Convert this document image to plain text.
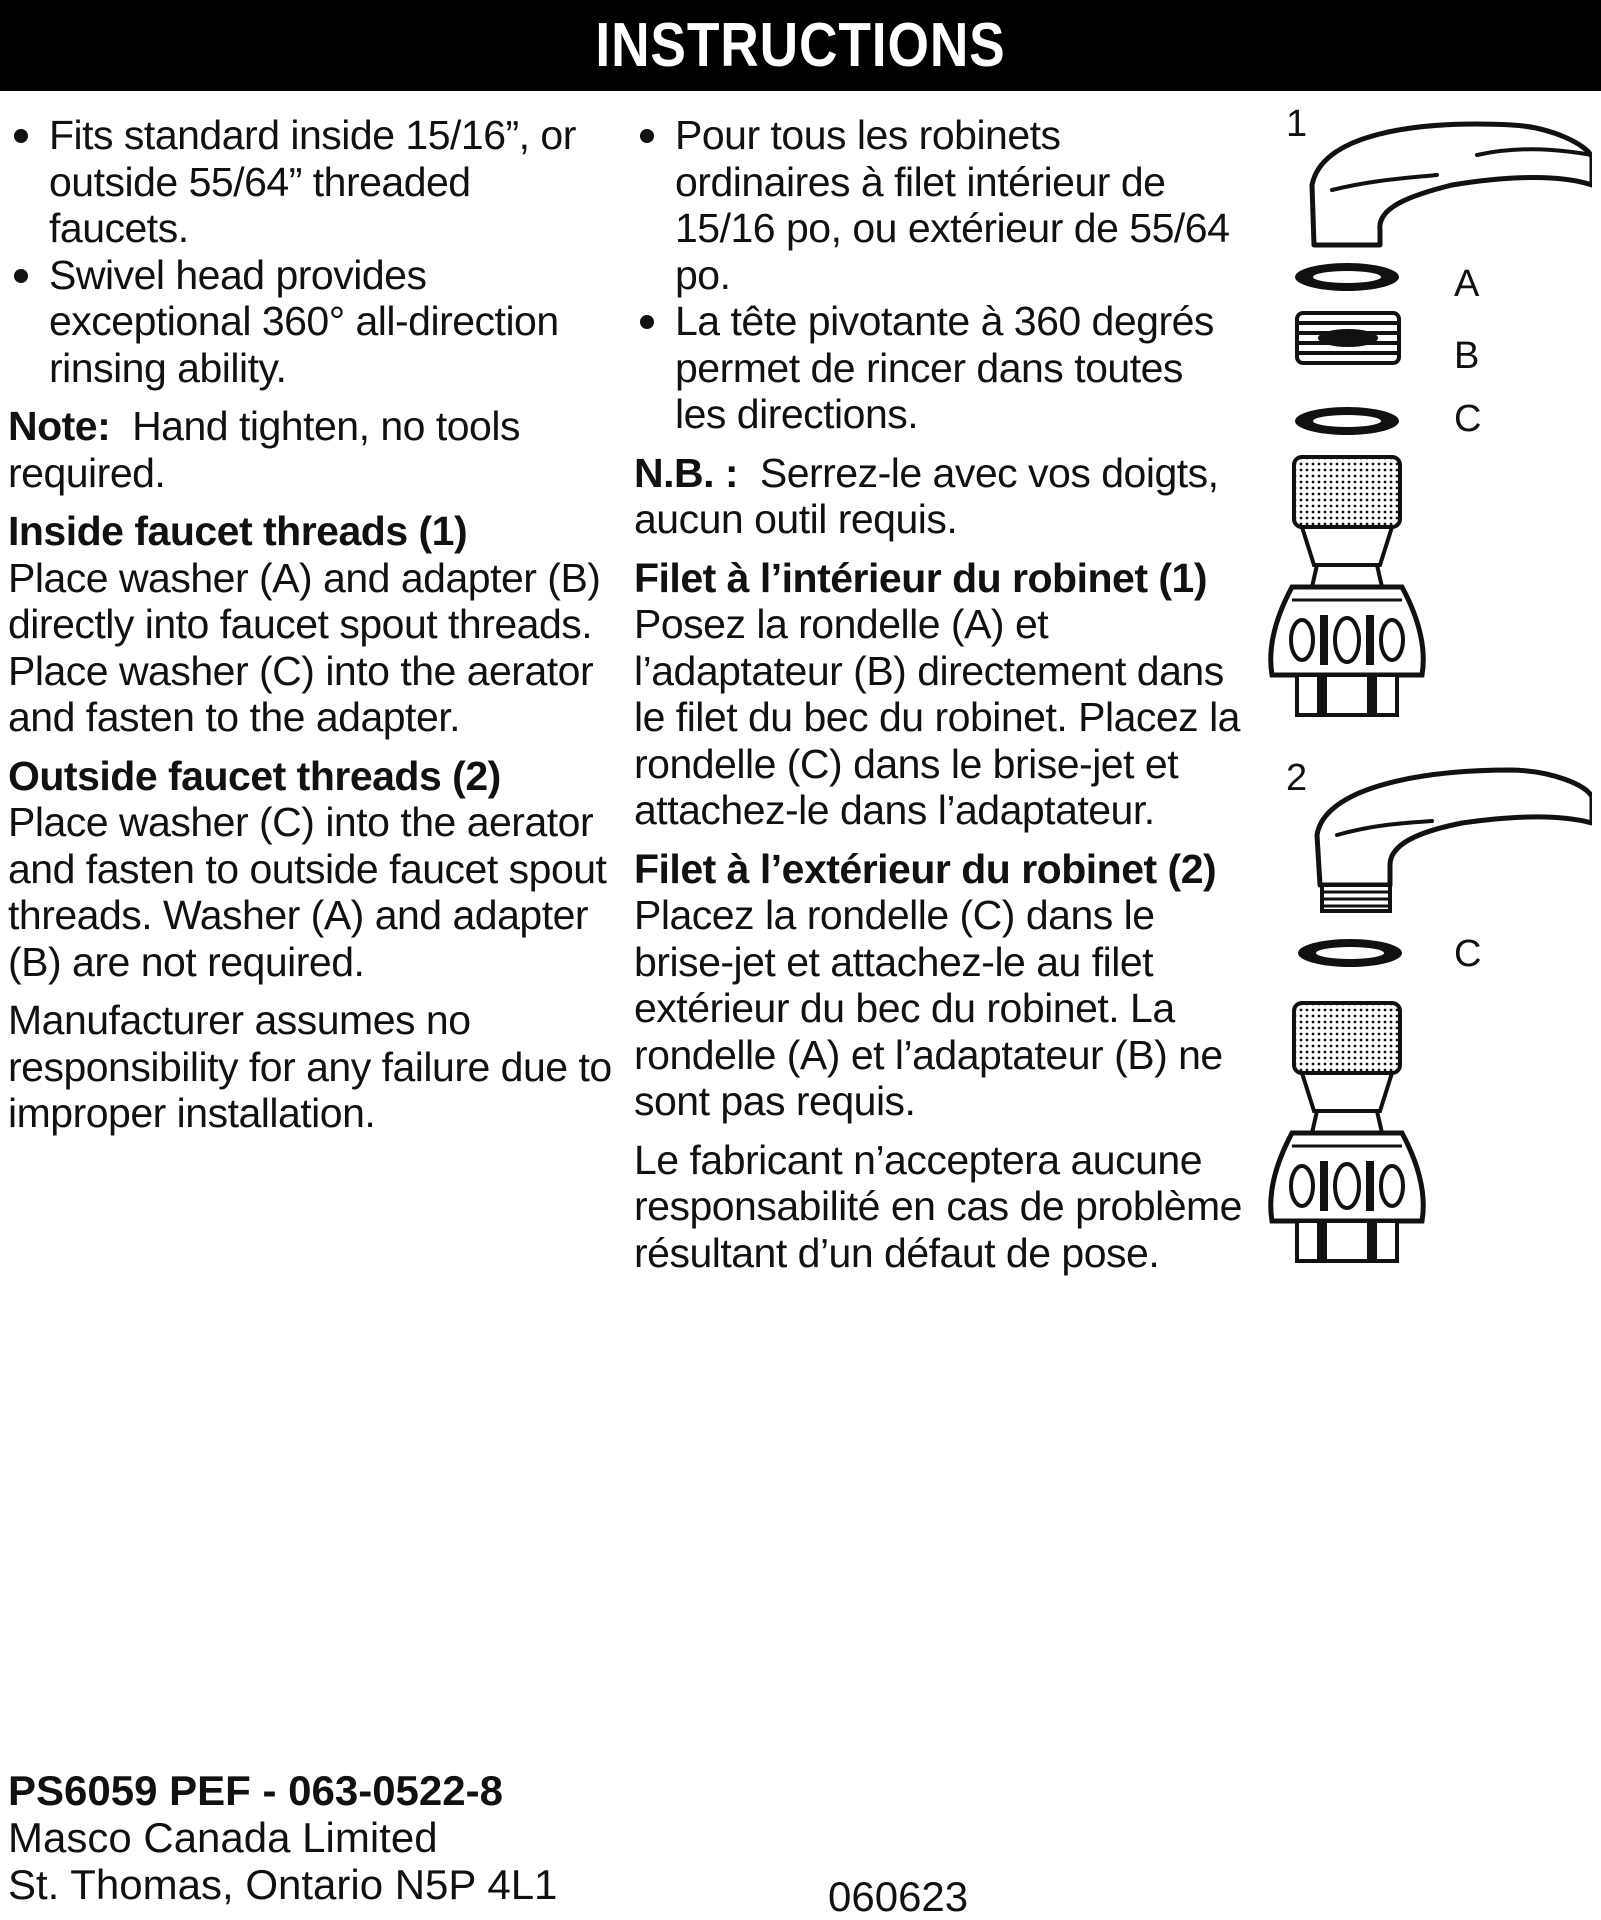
INSTRUCTIONS
Fits standard inside 15/16”, or outside 55/64” threaded faucets.
Swivel head provides exceptional 360° all-direction rinsing ability.

Note: Hand tighten, no tools required.

Inside faucet threads (1)
Place washer (A) and adapter (B) directly into faucet spout threads. Place washer (C) into the aerator and fasten to the adapter.

Outside faucet threads (2)
Place washer (C) into the aerator and fasten to outside faucet spout threads. Washer (A) and adapter (B) are not required.

Manufacturer assumes no responsibility for any failure due to improper installation.

Pour tous les robinets ordinaires à filet intérieur de 15/16 po, ou extérieur de 55/64 po.
La tête pivotante à 360 degrés permet de rincer dans toutes les directions.

N.B. : Serrez-le avec vos doigts, aucun outil requis.

Filet à l’intérieur du robinet (1)
Posez la rondelle (A) et l’adaptateur (B) directement dans le filet du bec du robinet. Placez la rondelle (C) dans le brise-jet et attachez-le dans l’adaptateur.

Filet à l’extérieur du robinet (2)
Placez la rondelle (C) dans le brise-jet et attachez-le au filet extérieur du bec du robinet. La rondelle (A) et l’adaptateur (B) ne sont pas requis.

Le fabricant n’acceptera aucune responsabilité en cas de problème résultant d’un défaut de pose.

1
A
B
C
2
C
PS6059 PEF - 063-0522-8
Masco Canada Limited
St. Thomas, Ontario N5P 4L1	060623
